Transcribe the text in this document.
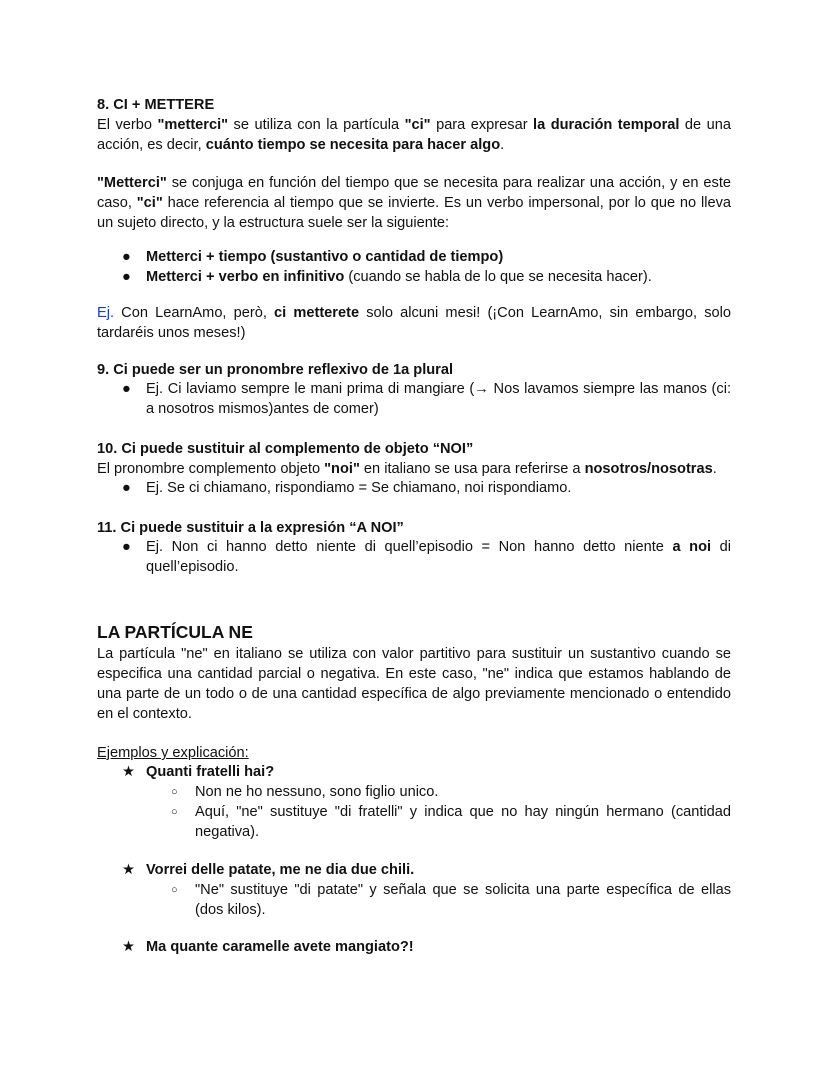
8. CI + METTERE
El verbo "metterci" se utiliza con la partícula "ci" para expresar la duración temporal de una acción, es decir, cuánto tiempo se necesita para hacer algo.
"Metterci" se conjuga en función del tiempo que se necesita para realizar una acción, y en este caso, "ci" hace referencia al tiempo que se invierte. Es un verbo impersonal, por lo que no lleva un sujeto directo, y la estructura suele ser la siguiente:
● Metterci + tiempo (sustantivo o cantidad de tiempo)
● Metterci + verbo en infinitivo (cuando se habla de lo que se necesita hacer).
Ej. Con LearnAmo, però, ci metterete solo alcuni mesi! (¡Con LearnAmo, sin embargo, solo tardaréis unos meses!)
9. Ci puede ser un pronombre reflexivo de 1a plural
● Ej. Ci laviamo sempre le mani prima di mangiare (→ Nos lavamos siempre las manos (ci: a nosotros mismos)antes de comer)
10. Ci puede sustituir al complemento de objeto “NOI”
El pronombre complemento objeto "noi" en italiano se usa para referirse a nosotros/nosotras.
● Ej. Se ci chiamano, rispondiamo = Se chiamano, noi rispondiamo.
11. Ci puede sustituir a la expresión “A NOI”
● Ej. Non ci hanno detto niente di quell’episodio = Non hanno detto niente a noi di quell’episodio.
LA PARTÍCULA NE
La partícula "ne" en italiano se utiliza con valor partitivo para sustituir un sustantivo cuando se especifica una cantidad parcial o negativa. En este caso, "ne" indica que estamos hablando de una parte de un todo o de una cantidad específica de algo previamente mencionado o entendido en el contexto.
Ejemplos y explicación:
★ Quanti fratelli hai?
○ Non ne ho nessuno, sono figlio unico.
○ Aquí, "ne" sustituye "di fratelli" y indica que no hay ningún hermano (cantidad negativa).
★ Vorrei delle patate, me ne dia due chili.
○ "Ne" sustituye "di patate" y señala que se solicita una parte específica de ellas (dos kilos).
★ Ma quante caramelle avete mangiato?!
